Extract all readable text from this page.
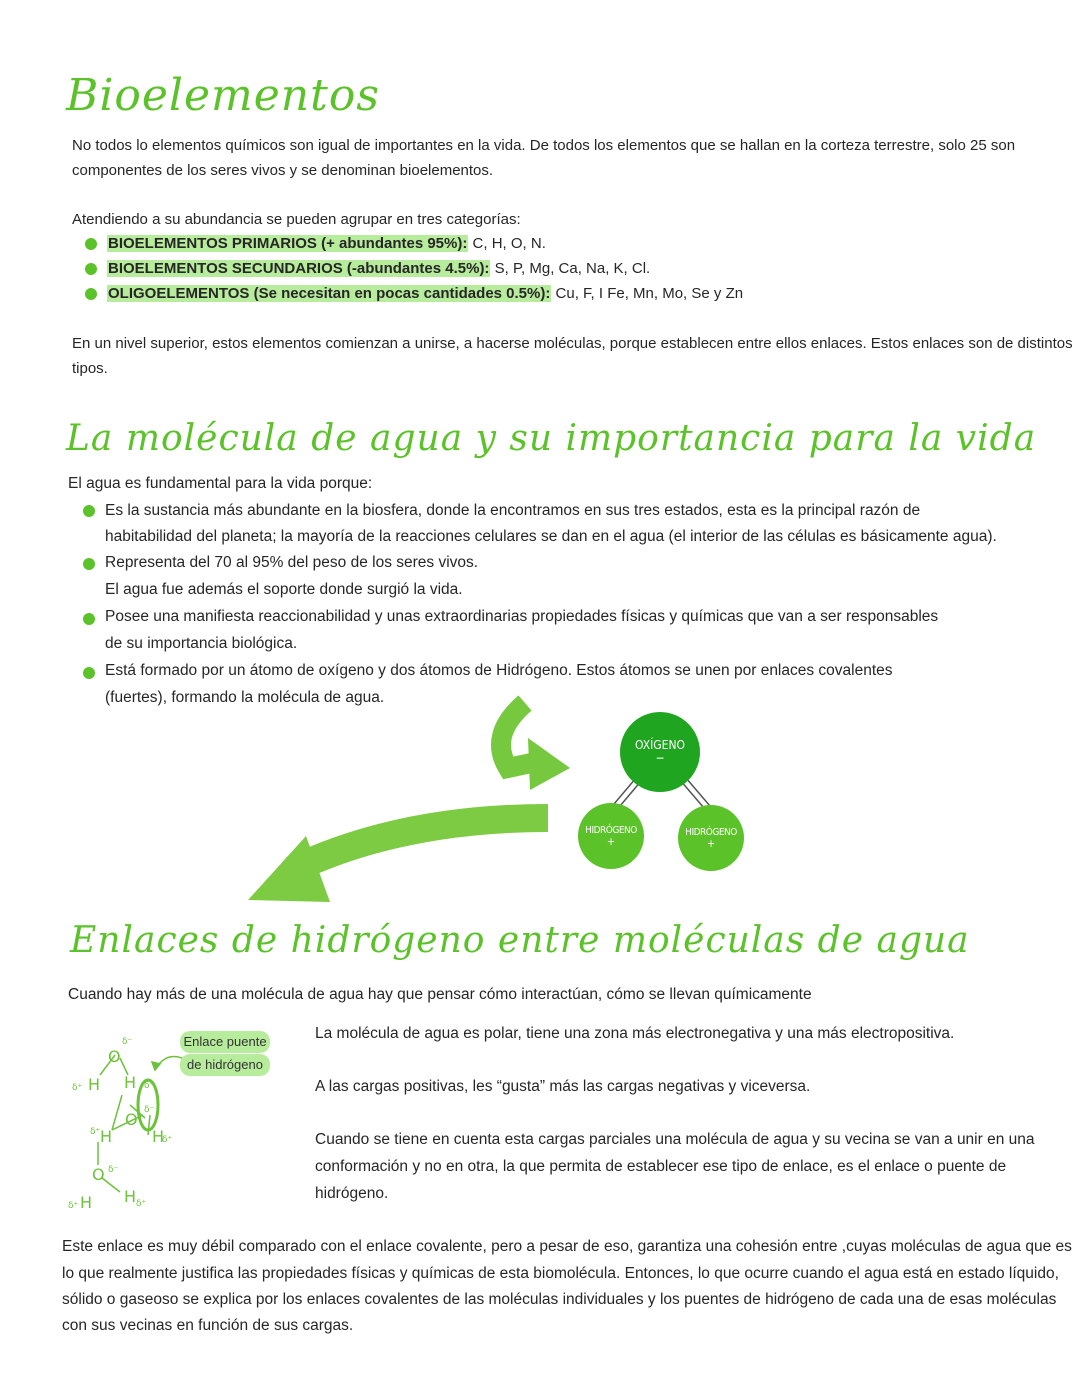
Bioelementos
No todos lo elementos químicos son igual de importantes en la vida. De todos los elementos que se hallan en la corteza terrestre, solo 25 son
componentes de los seres vivos y se denominan bioelementos.
Atendiendo a su abundancia se pueden agrupar en tres categorías:
BIOELEMENTOS PRIMARIOS (+ abundantes 95%): C, H, O, N.
BIOELEMENTOS SECUNDARIOS (-abundantes 4.5%): S, P, Mg, Ca, Na, K, Cl.
OLIGOELEMENTOS (Se necesitan en pocas cantidades 0.5%): Cu, F, I Fe, Mn, Mo, Se y Zn
En un nivel superior, estos elementos comienzan a unirse, a hacerse moléculas, porque establecen entre ellos enlaces. Estos enlaces son de distintos
tipos.
La molécula de agua y su importancia para la vida
El agua es fundamental para la vida porque:
Es la sustancia más abundante en la biosfera, donde la encontramos en sus tres estados, esta es la principal razón de
habitabilidad del planeta; la mayoría de la reacciones celulares se dan en el agua (el interior de las células es básicamente agua).
Representa del 70 al 95% del peso de los seres vivos.
El agua fue además el soporte donde surgió la vida.
Posee una manifiesta reaccionabilidad y unas extraordinarias propiedades físicas y químicas que van a ser responsables
de su importancia biológica.
Está formado por un átomo de oxígeno y dos átomos de Hidrógeno. Estos átomos se unen por enlaces covalentes
(fuertes), formando la molécula de agua.
OXÍGENO
−
HIDRÓGENO
+
HIDRÓGENO
+
Enlaces de hidrógeno entre moléculas de agua
Cuando hay más de una molécula de agua hay que pensar cómo interactúan, cómo se llevan químicamente
O
H H
O
H H
O
H H
δ⁻
δ⁺	δ⁺
δ⁻
δ⁺
δ⁺
δ⁻
δ⁺	δ⁺
Enlace puente
de hidrógeno
La molécula de agua es polar, tiene una zona más electronegativa y una más electropositiva.
A las cargas positivas, les “gusta” más las cargas negativas y viceversa.
Cuando se tiene en cuenta esta cargas parciales una molécula de agua y su vecina se van a unir en una
conformación y no en otra, la que permita de establecer ese tipo de enlace, es el enlace o puente de
hidrógeno.
Este enlace es muy débil comparado con el enlace covalente, pero a pesar de eso, garantiza una cohesión entre ,cuyas moléculas de agua que es
lo que realmente justifica las propiedades físicas y químicas de esta biomolécula. Entonces, lo que ocurre cuando el agua está en estado líquido,
sólido o gaseoso se explica por los enlaces covalentes de las moléculas individuales y los puentes de hidrógeno de cada una de esas moléculas
con sus vecinas en función de sus cargas.
